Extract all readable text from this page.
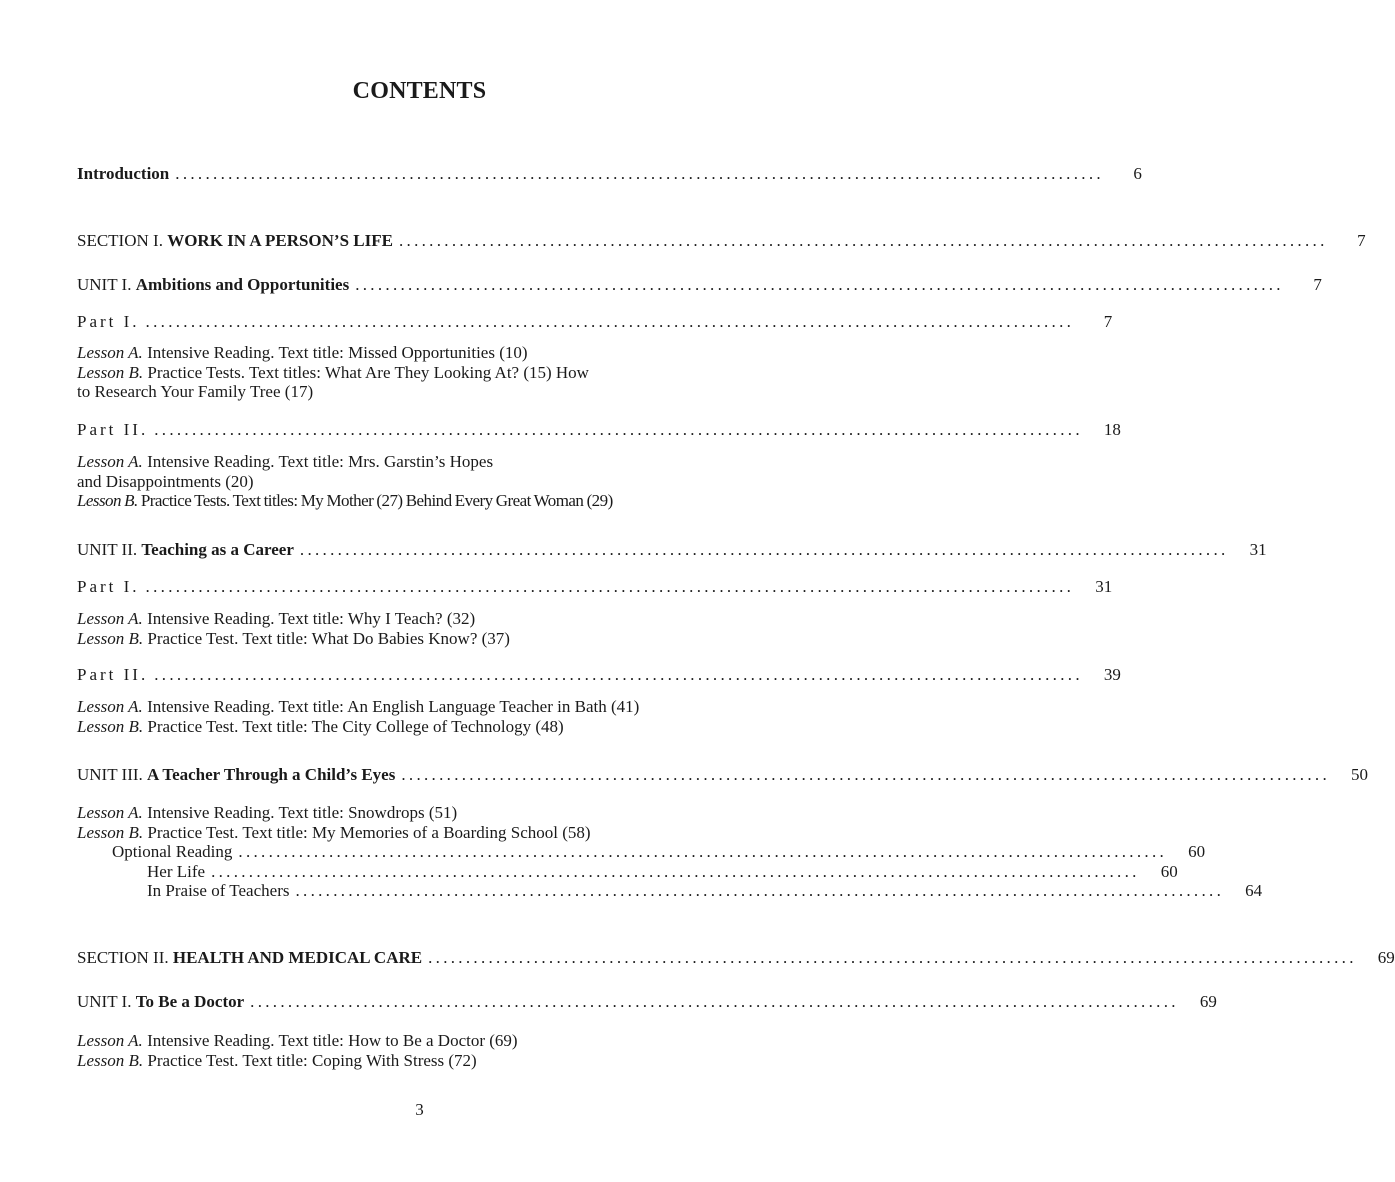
CONTENTS
Introduction ...........................................................................................................................	6
SECTION I. WORK IN A PERSON’S LIFE ...........................................................................................................................	7
UNIT I. Ambitions and Opportunities ...........................................................................................................................	7
Part I. ...........................................................................................................................	7
Lesson A. Intensive Reading. Text title: Missed Opportunities (10)
Lesson B. Practice Tests. Text titles: What Are They Looking At? (15) How
to Research Your Family Tree (17)
Part II. ...........................................................................................................................	18
Lesson A. Intensive Reading. Text title: Mrs. Garstin’s Hopes
and Disappointments (20)
Lesson B. Practice Tests. Text titles: My Mother (27) Behind Every Great Woman (29)
UNIT II. Teaching as a Career ...........................................................................................................................	31
Part I. ...........................................................................................................................	31
Lesson A. Intensive Reading. Text title: Why I Teach? (32)
Lesson B. Practice Test. Text title: What Do Babies Know? (37)
Part II. ...........................................................................................................................	39
Lesson A. Intensive Reading. Text title: An English Language Teacher in Bath (41)
Lesson B. Practice Test. Text title: The City College of Technology (48)
UNIT III. A Teacher Through a Child’s Eyes ...........................................................................................................................	50
Lesson A. Intensive Reading. Text title: Snowdrops (51)
Lesson B. Practice Test. Text title: My Memories of a Boarding School (58)
Optional Reading ...........................................................................................................................	60
Her Life ...........................................................................................................................	60
In Praise of Teachers ...........................................................................................................................	64
SECTION II. HEALTH AND MEDICAL CARE ...........................................................................................................................	69
UNIT I. To Be a Doctor ...........................................................................................................................	69
Lesson A. Intensive Reading. Text title: How to Be a Doctor (69)
Lesson B. Practice Test. Text title: Coping With Stress (72)
3
